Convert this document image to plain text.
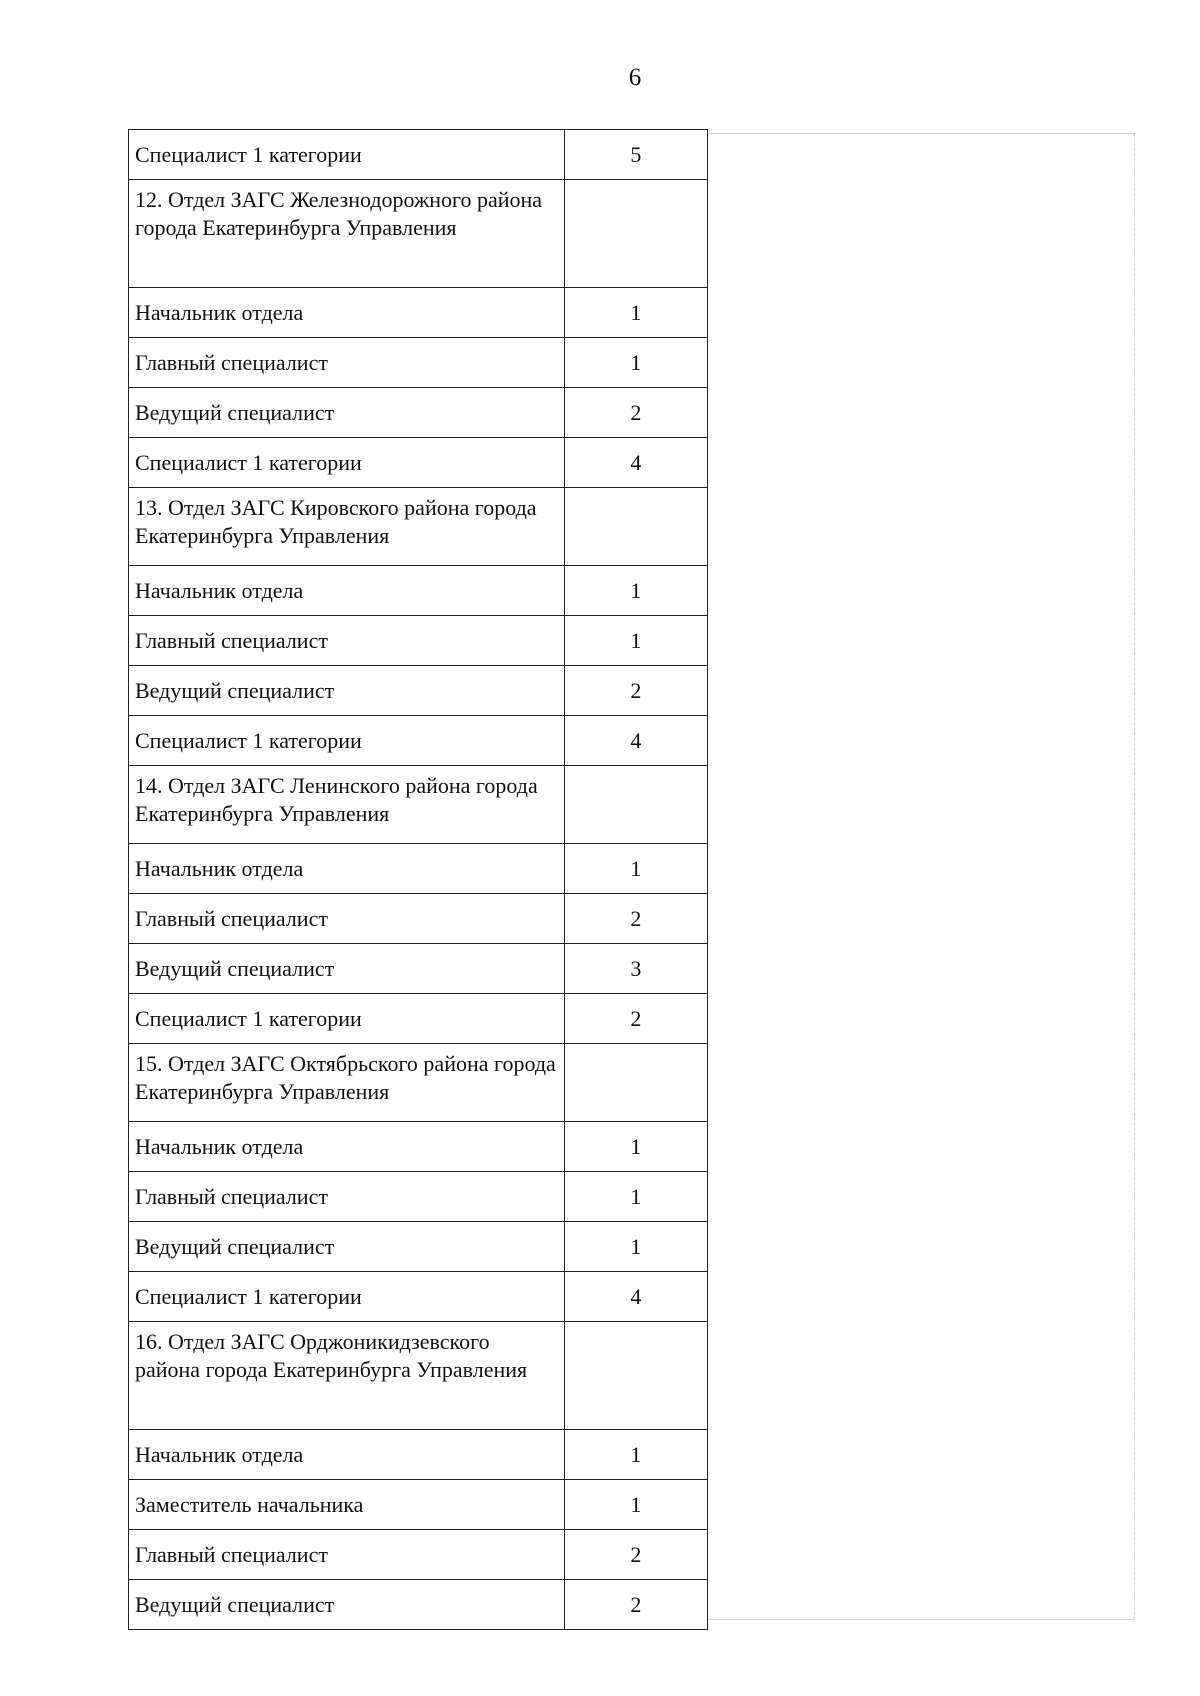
6
Специалист 1 категории	5
12. Отдел ЗАГС Железнодорожного района города Екатеринбурга Управления	
Начальник отдела	1
Главный специалист	1
Ведущий специалист	2
Специалист 1 категории	4
13. Отдел ЗАГС Кировского района города Екатеринбурга Управления	
Начальник отдела	1
Главный специалист	1
Ведущий специалист	2
Специалист 1 категории	4
14. Отдел ЗАГС Ленинского района города Екатеринбурга Управления	
Начальник отдела	1
Главный специалист	2
Ведущий специалист	3
Специалист 1 категории	2
15. Отдел ЗАГС Октябрьского района города Екатеринбурга Управления	
Начальник отдела	1
Главный специалист	1
Ведущий специалист	1
Специалист 1 категории	4
16. Отдел ЗАГС Орджоникидзевского района города Екатеринбурга Управления	
Начальник отдела	1
Заместитель начальника	1
Главный специалист	2
Ведущий специалист	2
